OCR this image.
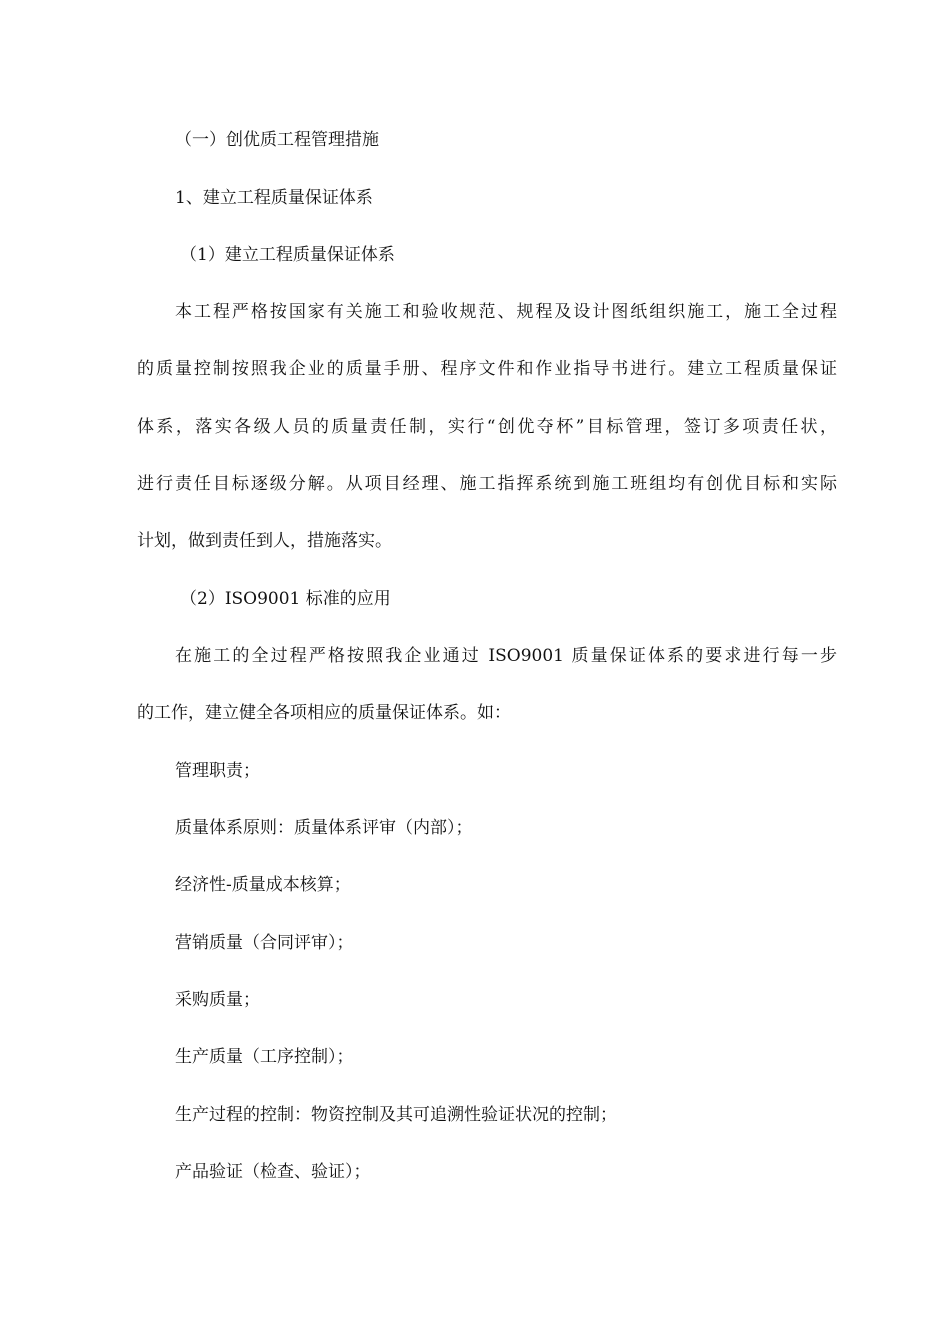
（一）创优质工程管理措施
1、建立工程质量保证体系
（1）建立工程质量保证体系
本工程严格按国家有关施工和验收规范、规程及设计图纸组织施工，施工全过程
的质量控制按照我企业的质量手册、程序文件和作业指导书进行。建立工程质量保证
体系，落实各级人员的质量责任制，实行“创优夺杯”目标管理，签订多项责任状，
进行责任目标逐级分解。从项目经理、施工指挥系统到施工班组均有创优目标和实际
计划，做到责任到人，措施落实。
（2）ISO9001 标准的应用
在施工的全过程严格按照我企业通过 ISO9001 质量保证体系的要求进行每一步
的工作，建立健全各项相应的质量保证体系。如：
管理职责；
质量体系原则：质量体系评审（内部）；
经济性-质量成本核算；
营销质量（合同评审）；
采购质量；
生产质量（工序控制）；
生产过程的控制：物资控制及其可追溯性验证状况的控制；
产品验证（检查、验证）；
